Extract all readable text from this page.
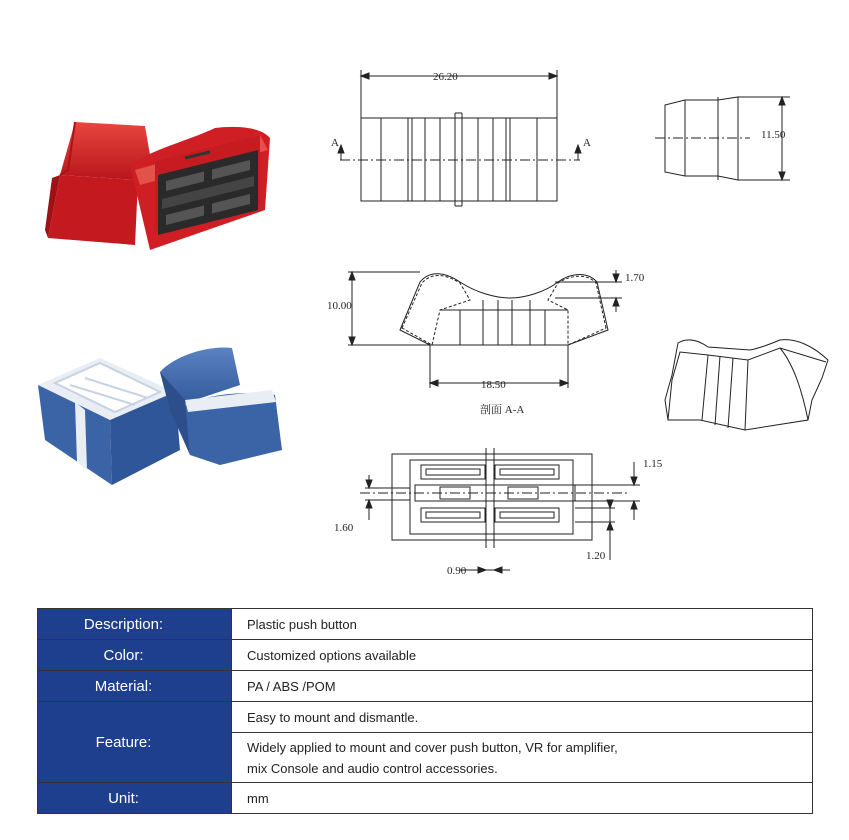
26.20
A	A
11.50
10.00
1.70
18.50
剖面 A-A
1.15
1.60
1.20
0.90
Description:	Plastic push button
Color:	Customized options available
Material:	PA / ABS /POM
Feature:	Easy to mount and dismantle.

	Widely applied to mount and cover push button, VR for amplifier,
mix Console and audio control accessories.

Unit:	mm
